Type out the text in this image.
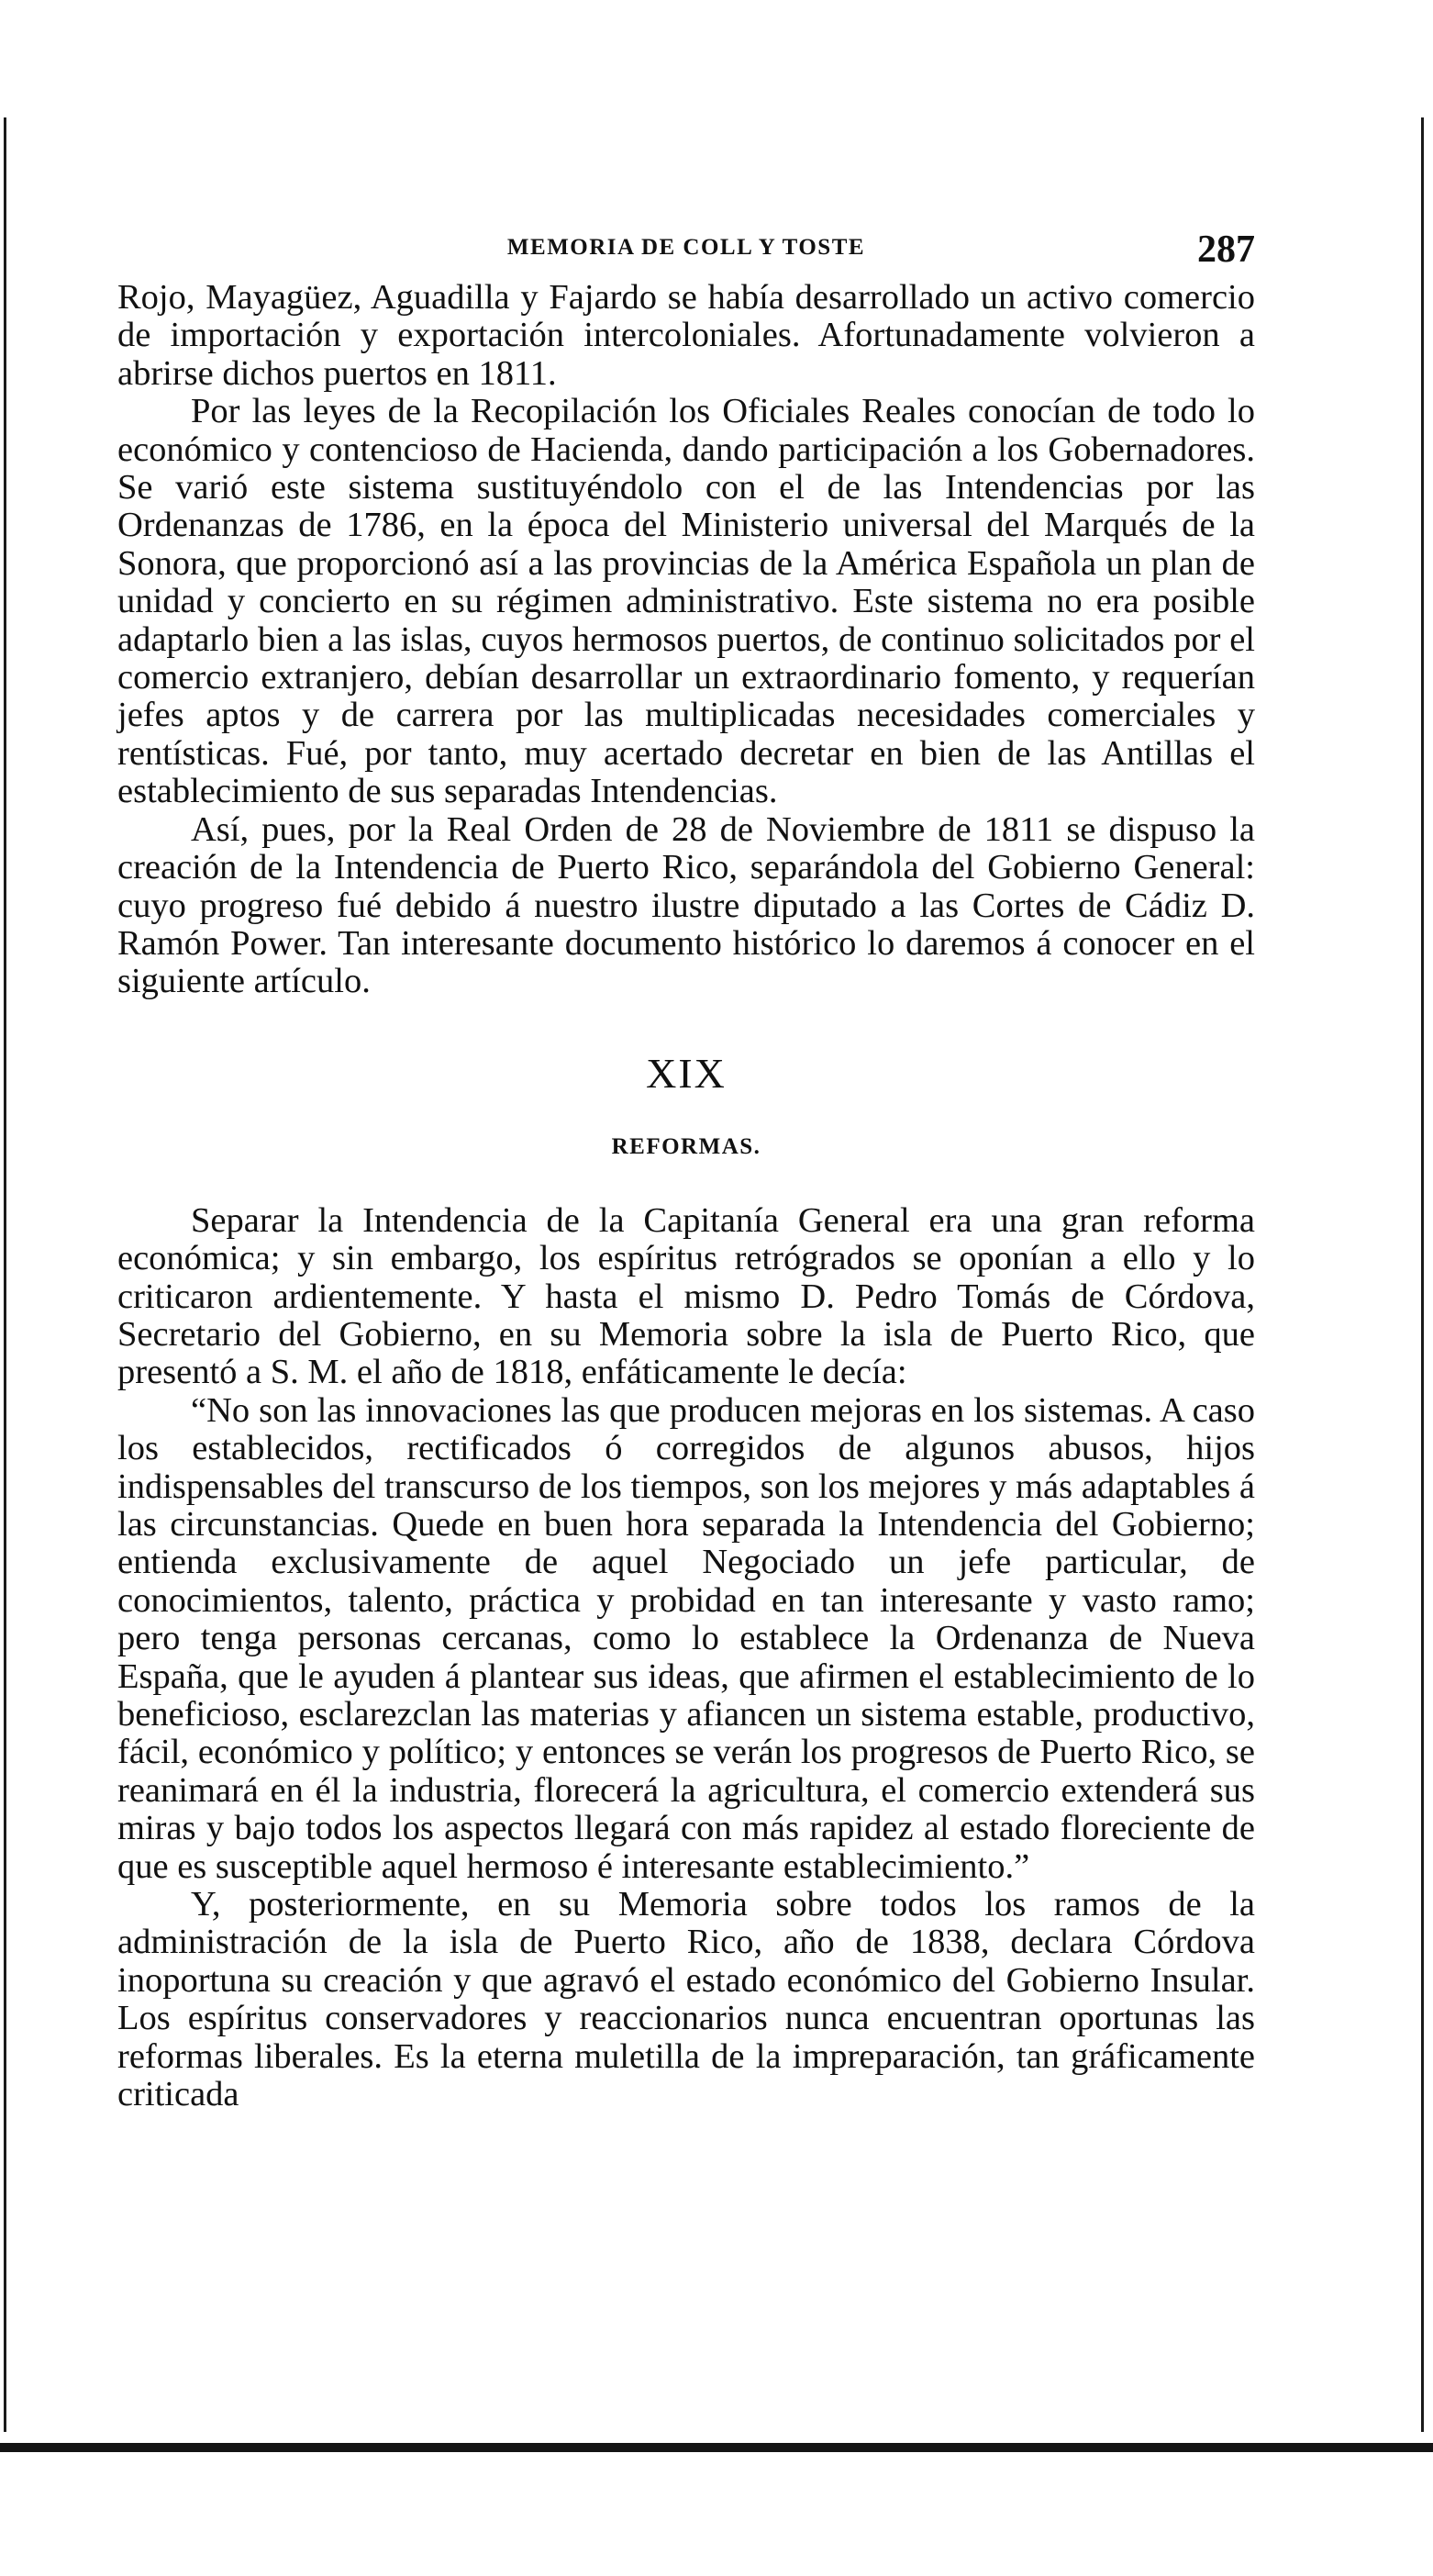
MEMORIA DE COLL Y TOSTE	287

Rojo, Mayagüez, Aguadilla y Fajardo se había desarrollado un activo comercio de importación y exportación intercoloniales. Afortunadamente volvieron a abrirse dichos puertos en 1811.

Por las leyes de la Recopilación los Oficiales Reales conocían de todo lo económico y contencioso de Hacienda, dando participación a los Gobernadores. Se varió este sistema sustituyéndolo con el de las Intendencias por las Ordenanzas de 1786, en la época del Ministerio universal del Marqués de la Sonora, que proporcionó así a las provincias de la América Española un plan de unidad y concierto en su régimen administrativo. Este sistema no era posible adaptarlo bien a las islas, cuyos hermosos puertos, de continuo solicitados por el comercio extranjero, debían desarrollar un extraordinario fomento, y requerían jefes aptos y de carrera por las multiplicadas necesidades comerciales y rentísticas. Fué, por tanto, muy acertado decretar en bien de las Antillas el establecimiento de sus separadas Intendencias.

Así, pues, por la Real Orden de 28 de Noviembre de 1811 se dispuso la creación de la Intendencia de Puerto Rico, separándola del Gobierno General: cuyo progreso fué debido á nuestro ilustre diputado a las Cortes de Cádiz D. Ramón Power. Tan interesante documento histórico lo daremos á conocer en el siguiente artículo.

XIX
REFORMAS.

Separar la Intendencia de la Capitanía General era una gran reforma económica; y sin embargo, los espíritus retrógrados se oponían a ello y lo criticaron ardientemente. Y hasta el mismo D. Pedro Tomás de Córdova, Secretario del Gobierno, en su Memoria sobre la isla de Puerto Rico, que presentó a S. M. el año de 1818, enfáticamente le decía:

“No son las innovaciones las que producen mejoras en los sistemas. A caso los establecidos, rectificados ó corregidos de algunos abusos, hijos indispensables del transcurso de los tiempos, son los mejores y más adaptables á las circunstancias. Quede en buen hora separada la Intendencia del Gobierno; entienda exclusivamente de aquel Negociado un jefe particular, de conocimientos, talento, práctica y probidad en tan interesante y vasto ramo; pero tenga personas cercanas, como lo establece la Ordenanza de Nueva España, que le ayuden á plantear sus ideas, que afirmen el establecimiento de lo beneficioso, esclarezclan las materias y afiancen un sistema estable, productivo, fácil, económico y político; y entonces se verán los progresos de Puerto Rico, se reanimará en él la industria, florecerá la agricultura, el comercio extenderá sus miras y bajo todos los aspectos llegará con más rapidez al estado floreciente de que es susceptible aquel hermoso é interesante establecimiento.”

Y, posteriormente, en su Memoria sobre todos los ramos de la administración de la isla de Puerto Rico, año de 1838, declara Córdova inoportuna su creación y que agravó el estado económico del Gobierno Insular. Los espíritus conservadores y reaccionarios nunca encuentran oportunas las reformas liberales. Es la eterna muletilla de la impreparación, tan gráficamente criticada
